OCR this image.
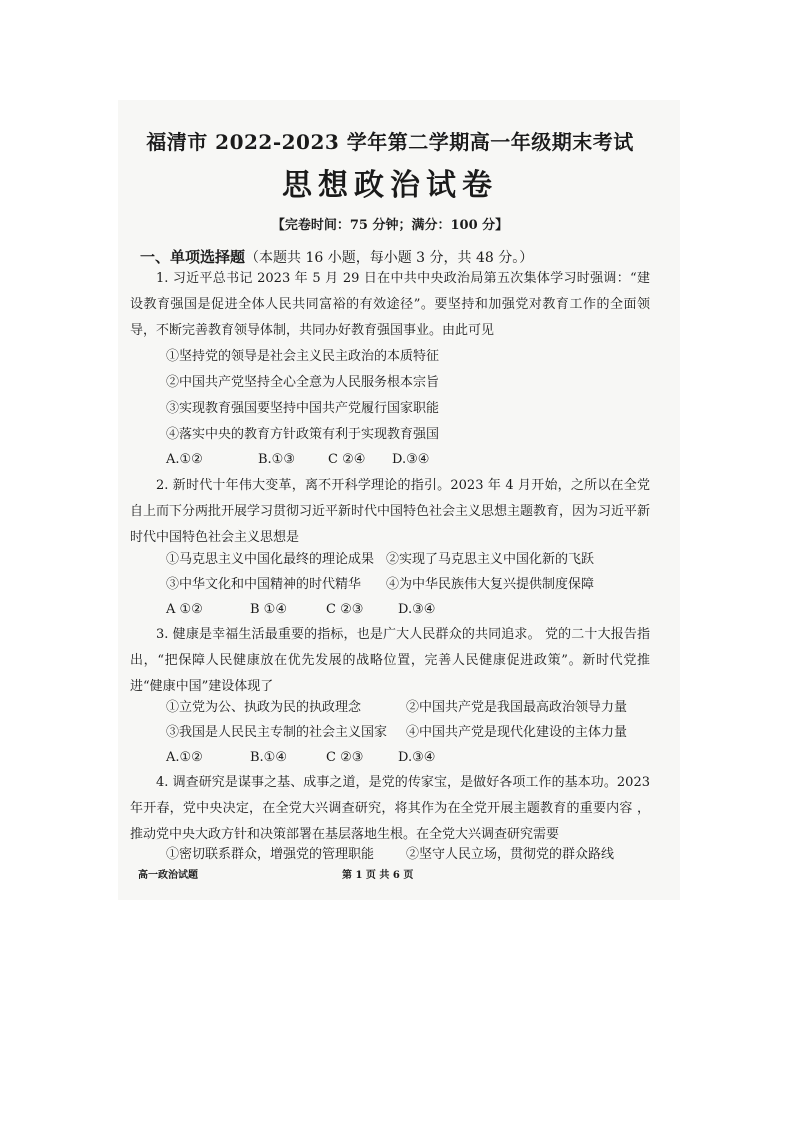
福清市 2022-2023 学年第二学期高一年级期末考试
思想政治试卷
【完卷时间：75 分钟；满分：100 分】
一、单项选择题（本题共 16 小题，每小题 3 分，共 48 分。）
1. 习近平总书记 2023 年 5 月 29 日在中共中央政治局第五次集体学习时强调：“建设教育强国是促进全体人民共同富裕的有效途径”。要坚持和加强党对教育工作的全面领导，不断完善教育领导体制，共同办好教育强国事业。由此可见
①坚持党的领导是社会主义民主政治的本质特征
②中国共产党坚持全心全意为人民服务根本宗旨
③实现教育强国要坚持中国共产党履行国家职能
④落实中央的教育方针政策有利于实现教育强国
A.①②	B.①③	C ②④ D.③④
2. 新时代十年伟大变革，离不开科学理论的指引。2023 年 4 月开始，之所以在全党自上而下分两批开展学习贯彻习近平新时代中国特色社会主义思想主题教育，因为习近平新时代中国特色社会主义思想是
①马克思主义中国化最终的理论成果 ②实现了马克思主义中国化新的飞跃
③中华文化和中国精神的时代精华 ④为中华民族伟大复兴提供制度保障
A ①②	B ①④	C ②③	D.③④
3. 健康是幸福生活最重要的指标，也是广大人民群众的共同追求。 党的二十大报告指出，“把保障人民健康放在优先发展的战略位置，完善人民健康促进政策”。新时代党推进“健康中国”建设体现了
①立党为公、执政为民的执政理念	②中国共产党是我国最高政治领导力量
③我国是人民民主专制的社会主义国家 ④中国共产党是现代化建设的主体力量
A.①②	B.①④	C ②③	D.③④
4. 调查研究是谋事之基、成事之道，是党的传家宝，是做好各项工作的基本功。2023 年开春，党中央决定，在全党大兴调查研究，将其作为在全党开展主题教育的重要内容 ，推动党中央大政方针和决策部署在基层落地生根。在全党大兴调查研究需要
①密切联系群众，增强党的管理职能 ②坚守人民立场，贯彻党的群众路线
高一政治试题	第 1 页 共 6 页
